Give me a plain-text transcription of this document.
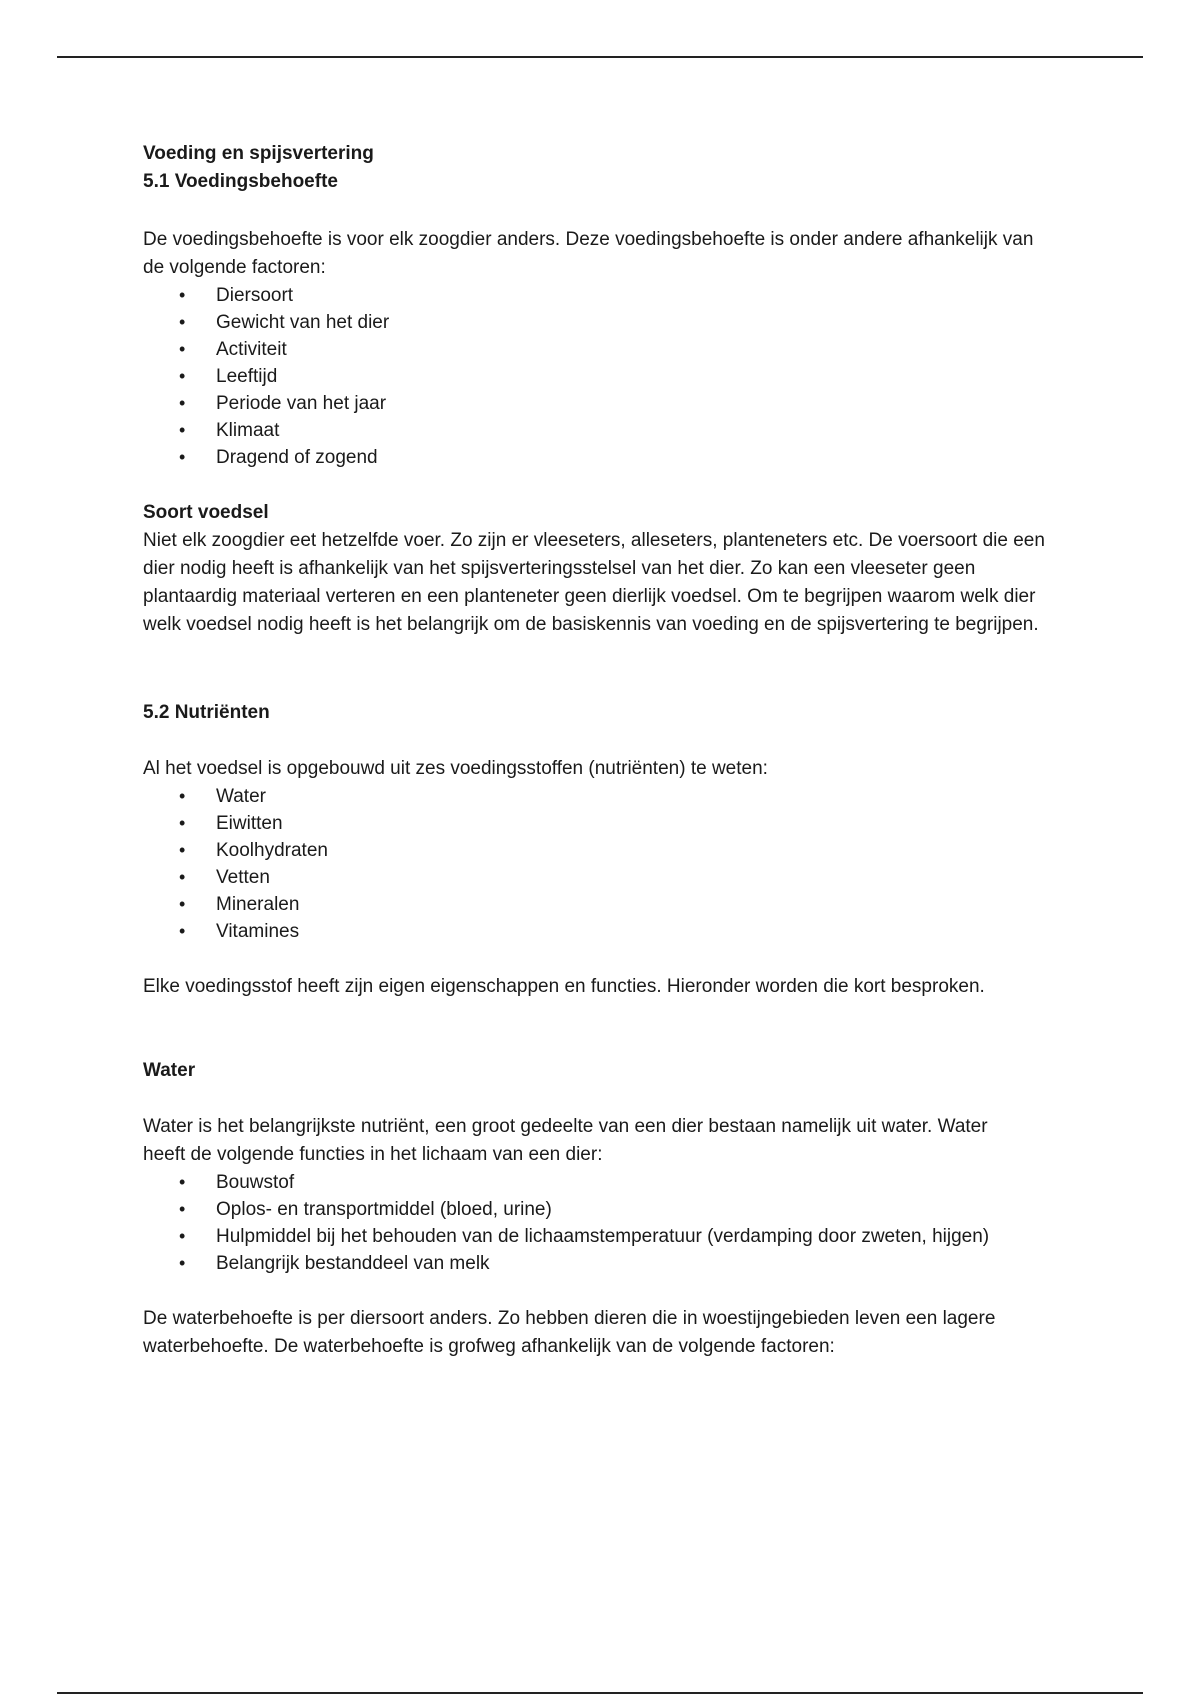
Voeding en spijsvertering

5.1 Voedingsbehoefte

De voedingsbehoefte is voor elk zoogdier anders. Deze voedingsbehoefte is onder andere afhankelijk van de volgende factoren:

• Diersoort
• Gewicht van het dier
• Activiteit
• Leeftijd
• Periode van het jaar
• Klimaat
• Dragend of zogend

Soort voedsel

Niet elk zoogdier eet hetzelfde voer. Zo zijn er vleeseters, alleseters, planteneters etc. De voersoort die een dier nodig heeft is afhankelijk van het spijsverteringsstelsel van het dier. Zo kan een vleeseter geen plantaardig materiaal verteren en een planteneter geen dierlijk voedsel. Om te begrijpen waarom welk dier welk voedsel nodig heeft is het belangrijk om de basiskennis van voeding en de spijsvertering te begrijpen.

5.2 Nutriënten

Al het voedsel is opgebouwd uit zes voedingsstoffen (nutriënten) te weten:

• Water
• Eiwitten
• Koolhydraten
• Vetten
• Mineralen
• Vitamines

Elke voedingsstof heeft zijn eigen eigenschappen en functies. Hieronder worden die kort besproken.

Water

Water is het belangrijkste nutriënt, een groot gedeelte van een dier bestaan namelijk uit water. Water heeft de volgende functies in het lichaam van een dier:

• Bouwstof
• Oplos- en transportmiddel (bloed, urine)
• Hulpmiddel bij het behouden van de lichaamstemperatuur (verdamping door zweten, hijgen)
• Belangrijk bestanddeel van melk

De waterbehoefte is per diersoort anders. Zo hebben dieren die in woestijngebieden leven een lagere waterbehoefte. De waterbehoefte is grofweg afhankelijk van de volgende factoren:
